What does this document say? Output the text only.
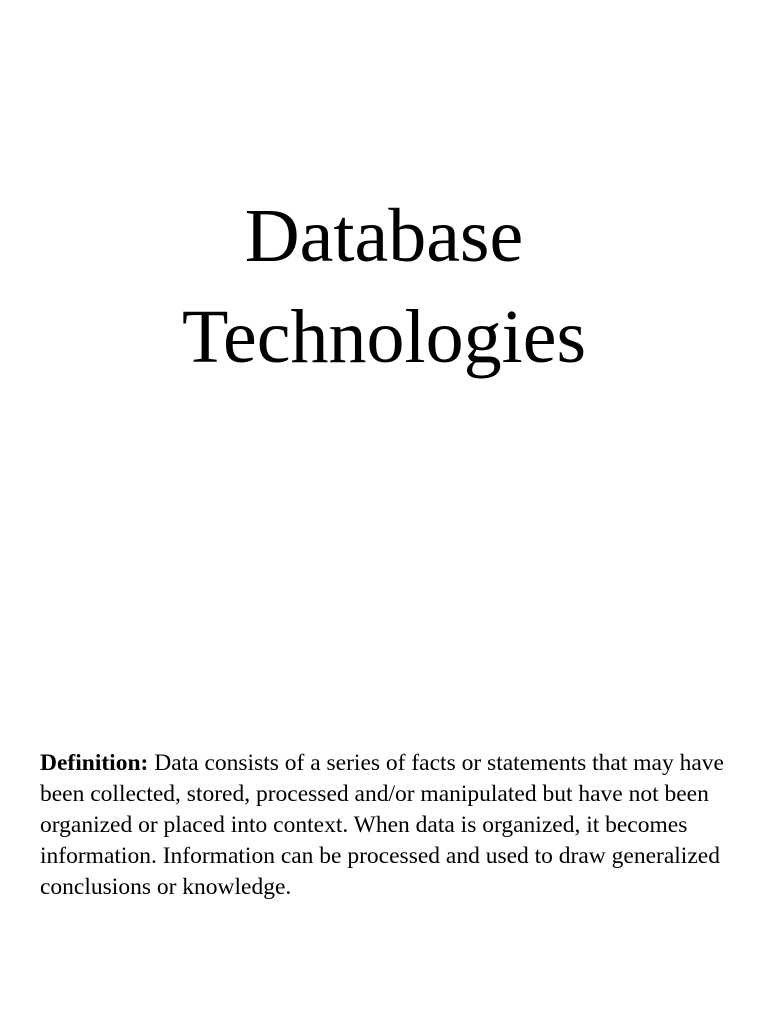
Database
Technologies

Definition: Data consists of a series of facts or statements that may have been collected, stored, processed and/or manipulated but have not been organized or placed into context. When data is organized, it becomes information. Information can be processed and used to draw generalized conclusions or knowledge.
